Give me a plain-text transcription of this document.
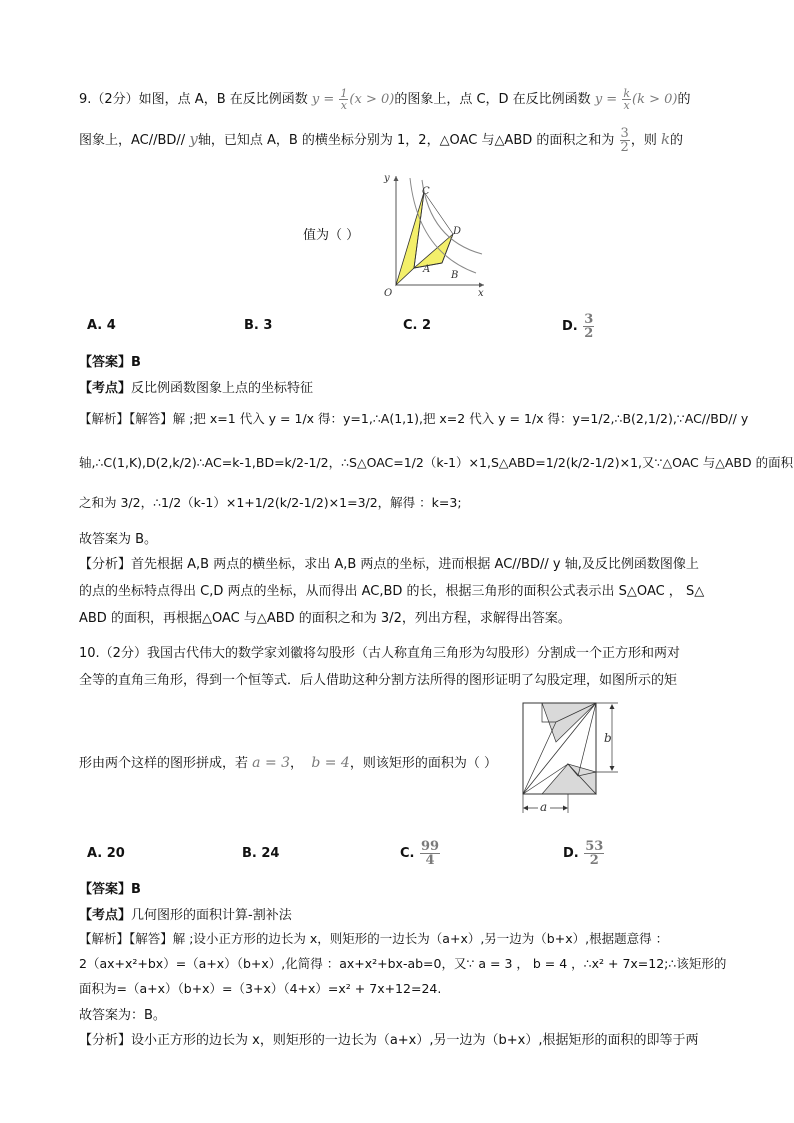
9.（2分）如图，点 A，B 在反比例函数 $y = \frac{1}{x} (x > 0)$的图象上，点 C，D 在反比例函数 $y = \frac{k}{x} (k > 0)$的
图象上，AC//BD// y轴，已知点 A，B 的横坐标分别为 1，2，△OAC 与△ABD 的面积之和为 $\frac{3}{2}$ ，则 k的
值为（ ）
y
x
O
C
D
A
B
A. 4	B. 3	C. 2	D. $\frac{3}{2}$
【答案】B
【考点】反比例函数图象上点的坐标特征
【解析】【解答】解 ;把 x=1 代入 y = 1/x 得：y=1,∴A(1,1),把 x=2 代入 y = 1/x 得：y=1/2,∴B(2,1/2),∵AC//BD// y
轴,∴C(1,K),D(2,k/2)∴AC=k-1,BD=k/2-1/2，∴S△OAC=1/2（k-1）×1,S△ABD=1/2(k/2-1/2)×1,又∵△OAC 与△ABD 的面积
之和为 3/2，∴1/2（k-1）×1+1/2(k/2-1/2)×1=3/2，解得 ：k=3;
故答案为 B。
【分析】首先根据 A,B 两点的横坐标，求出 A,B 两点的坐标，进而根据 AC//BD// y 轴,及反比例函数图像上
的点的坐标特点得出 C,D 两点的坐标，从而得出 AC,BD 的长，根据三角形的面积公式表示出 S△OAC ， S△
ABD 的面积，再根据△OAC 与△ABD 的面积之和为 3/2，列出方程，求解得出答案。
10.（2分）我国古代伟大的数学家刘徽将勾股形（古人称直角三角形为勾股形）分割成一个正方形和两对
全等的直角三角形，得到一个恒等式．后人借助这种分割方法所得的图形证明了勾股定理，如图所示的矩
形由两个这样的图形拼成，若 a = 3， b = 4，则该矩形的面积为（ ）
b
a
A. 20	B. 24	C. $\frac{99}{4}$	D. $\frac{53}{2}$
【答案】B
【考点】几何图形的面积计算-割补法
【解析】【解答】解 ;设小正方形的边长为 x，则矩形的一边长为（a+x）,另一边为（b+x）,根据题意得 ：
2（ax+x²+bx）=（a+x）（b+x）,化简得 ：ax+x²+bx-ab=0，又∵ a = 3 ， b = 4 ，∴x² + 7x=12;∴该矩形的
面积为=（a+x）（b+x）=（3+x）（4+x）=x² + 7x+12=24.
故答案为：B。
【分析】设小正方形的边长为 x，则矩形的一边长为（a+x）,另一边为（b+x）,根据矩形的面积的即等于两
